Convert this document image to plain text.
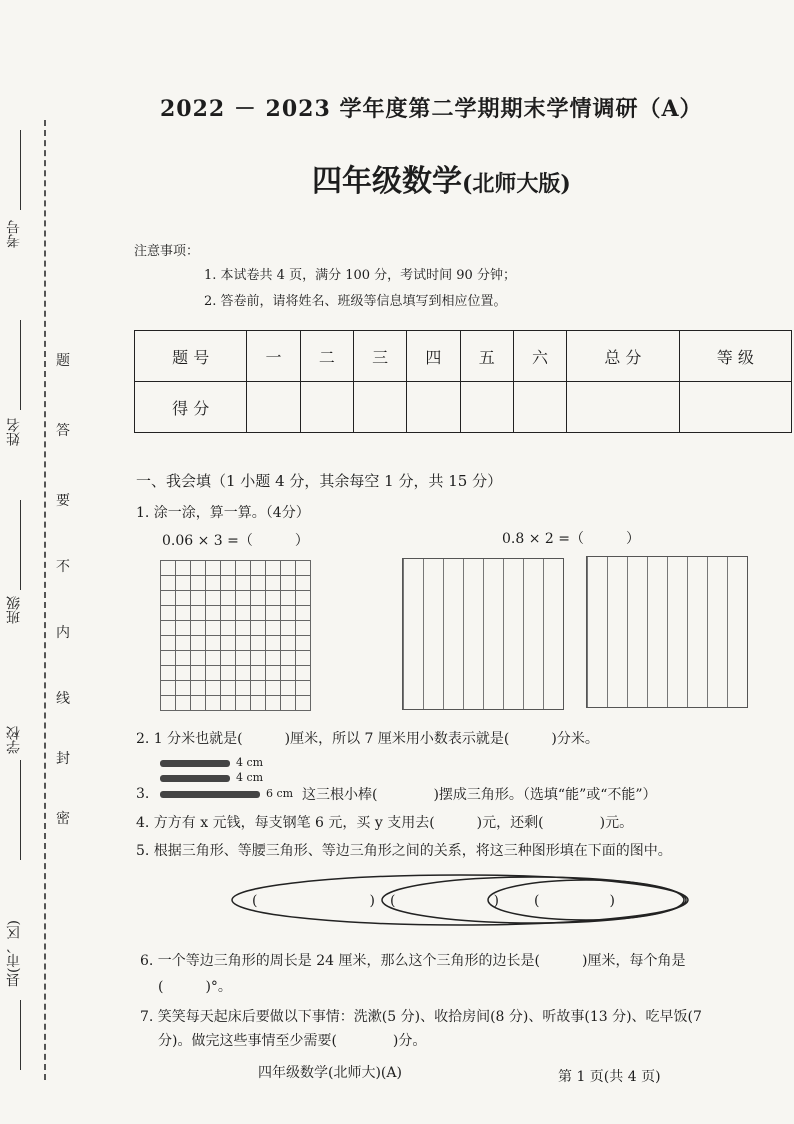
考号
姓名
班级
学校
县(市、区)
密
封
线
内
不
要
答
题
2022 － 2023 学年度第二学期期末学情调研（A）
四年级数学(北师大版)
注意事项：
1. 本试卷共 4 页，满分 100 分，考试时间 90 分钟；
2. 答卷前，请将姓名、班级等信息填写到相应位置。
题 号	一	二	三	四	五	六	总 分	等 级
得 分								
一、我会填（1 小题 4 分，其余每空 1 分，共 15 分）
1. 涂一涂，算一算。（4分）
0.06 × 3 =（　　　）	0.8 × 2 =（　　　）
2. 1 分米也就是(　　　)厘米，所以 7 厘米用小数表示就是(　　　)分米。
4 cm
4 cm
6 cm
3.	这三根小棒(　　　　)摆成三角形。（选填“能”或“不能”）
4. 方方有 x 元钱，每支钢笔 6 元，买 y 支用去(　　　)元，还剩(　　　　)元。
5. 根据三角形、等腰三角形、等边三角形之间的关系，将这三种图形填在下面的图中。
(　　　　　　　　) (　　　　　　　)	(　　　　　)
6. 一个等边三角形的周长是 24 厘米，那么这个三角形的边长是(　　　)厘米，每个角是
(　　　)°。
7. 笑笑每天起床后要做以下事情：洗漱(5 分)、收拾房间(8 分)、听故事(13 分)、吃早饭(7
分)。做完这些事情至少需要(　　　　)分。
四年级数学(北师大)(A)	第 1 页(共 4 页)
